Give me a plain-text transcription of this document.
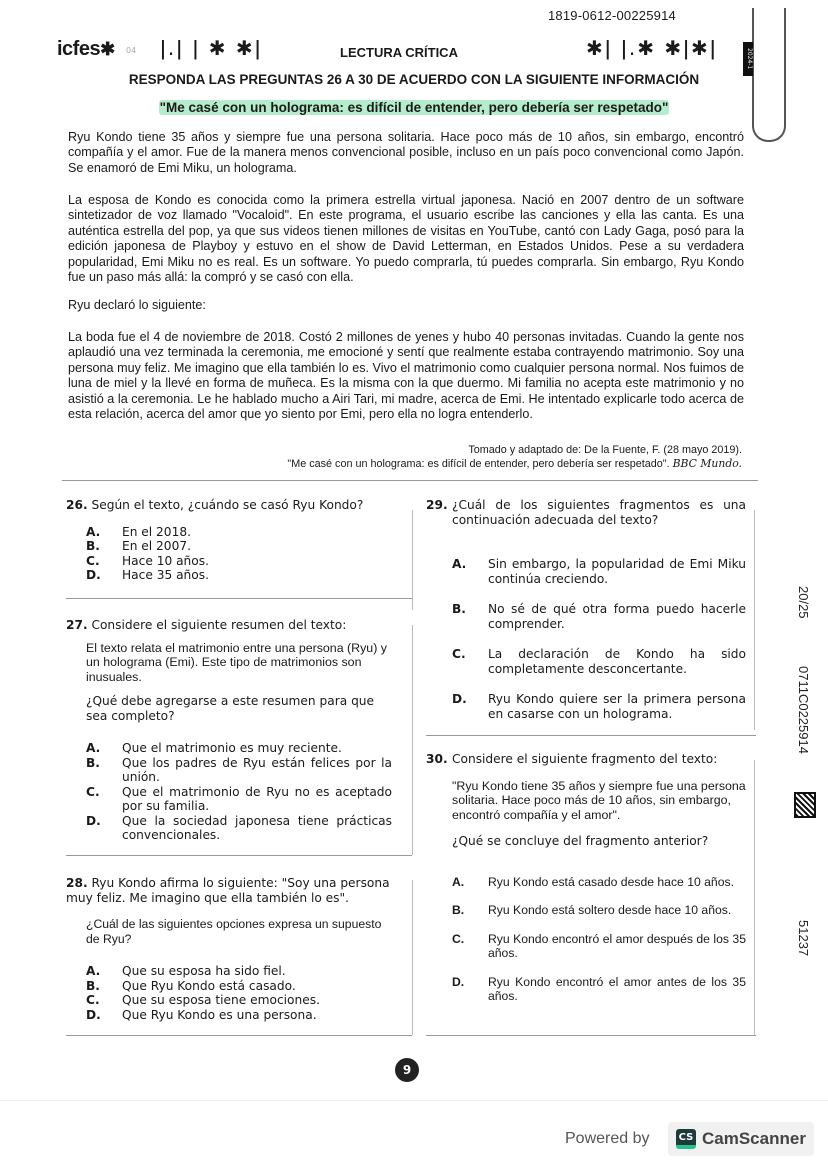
1819-0612-00225914
icfes✱ 04 ǀ.ǀ ǀ ✱ ✱ǀ	LECTURA CRÍTICA	✱ǀ ǀ.✱ ✱ǀ✱ǀ	2024-1
RESPONDA LAS PREGUNTAS 26 A 30 DE ACUERDO CON LA SIGUIENTE INFORMACIÓN
"Me casé con un holograma: es difícil de entender, pero debería ser respetado"
Ryu Kondo tiene 35 años y siempre fue una persona solitaria. Hace poco más de 10 años, sin embargo, encontró compañía y el amor. Fue de la manera menos convencional posible, incluso en un país poco convencional como Japón. Se enamoró de Emi Miku, un holograma.
La esposa de Kondo es conocida como la primera estrella virtual japonesa. Nació en 2007 dentro de un software sintetizador de voz llamado "Vocaloid". En este programa, el usuario escribe las canciones y ella las canta. Es una auténtica estrella del pop, ya que sus videos tienen millones de visitas en YouTube, cantó con Lady Gaga, posó para la edición japonesa de Playboy y estuvo en el show de David Letterman, en Estados Unidos. Pese a su verdadera popularidad, Emi Miku no es real. Es un software. Yo puedo comprarla, tú puedes comprarla. Sin embargo, Ryu Kondo fue un paso más allá: la compró y se casó con ella.
Ryu declaró lo siguiente:
La boda fue el 4 de noviembre de 2018. Costó 2 millones de yenes y hubo 40 personas invitadas. Cuando la gente nos aplaudió una vez terminada la ceremonia, me emocioné y sentí que realmente estaba contrayendo matrimonio. Soy una persona muy feliz. Me imagino que ella también lo es. Vivo el matrimonio como cualquier persona normal. Nos fuimos de luna de miel y la llevé en forma de muñeca. Es la misma con la que duermo. Mi familia no acepta este matrimonio y no asistió a la ceremonia. Le he hablado mucho a Airi Tari, mi madre, acerca de Emi. He intentado explicarle todo acerca de esta relación, acerca del amor que yo siento por Emi, pero ella no logra entenderlo.
Tomado y adaptado de: De la Fuente, F. (28 mayo 2019).
"Me casé con un holograma: es difícil de entender, pero debería ser respetado". BBC Mundo.
26. Según el texto, ¿cuándo se casó Ryu Kondo?
A.	En el 2018.
B.	En el 2007.
C.	Hace 10 años.
D.	Hace 35 años.
27. Considere el siguiente resumen del texto:
El texto relata el matrimonio entre una persona (Ryu) y un holograma (Emi). Este tipo de matrimonios son inusuales.
¿Qué debe agregarse a este resumen para que sea completo?
A.	Que el matrimonio es muy reciente.
B.	Que los padres de Ryu están felices por la unión.
C.	Que el matrimonio de Ryu no es aceptado por su familia.
D.	Que la sociedad japonesa tiene prácticas convencionales.
28. Ryu Kondo afirma lo siguiente: "Soy una persona muy feliz. Me imagino que ella también lo es".
¿Cuál de las siguientes opciones expresa un supuesto de Ryu?
A.	Que su esposa ha sido fiel.
B.	Que Ryu Kondo está casado.
C.	Que su esposa tiene emociones.
D.	Que Ryu Kondo es una persona.
29. ¿Cuál de los siguientes fragmentos es una continuación adecuada del texto?
A.	Sin embargo, la popularidad de Emi Miku continúa creciendo.
B.	No sé de qué otra forma puedo hacerle comprender.
C.	La declaración de Kondo ha sido completamente desconcertante.
D.	Ryu Kondo quiere ser la primera persona en casarse con un holograma.
30. Considere el siguiente fragmento del texto:
"Ryu Kondo tiene 35 años y siempre fue una persona solitaria. Hace poco más de 10 años, sin embargo, encontró compañía y el amor".
¿Qué se concluye del fragmento anterior?
A.	Ryu Kondo está casado desde hace 10 años.
B.	Ryu Kondo está soltero desde hace 10 años.
C.	Ryu Kondo encontró el amor después de los 35 años.
D.	Ryu Kondo encontró el amor antes de los 35 años.
20/25
0711C0225914
51237
9
Powered by	CS CamScanner
